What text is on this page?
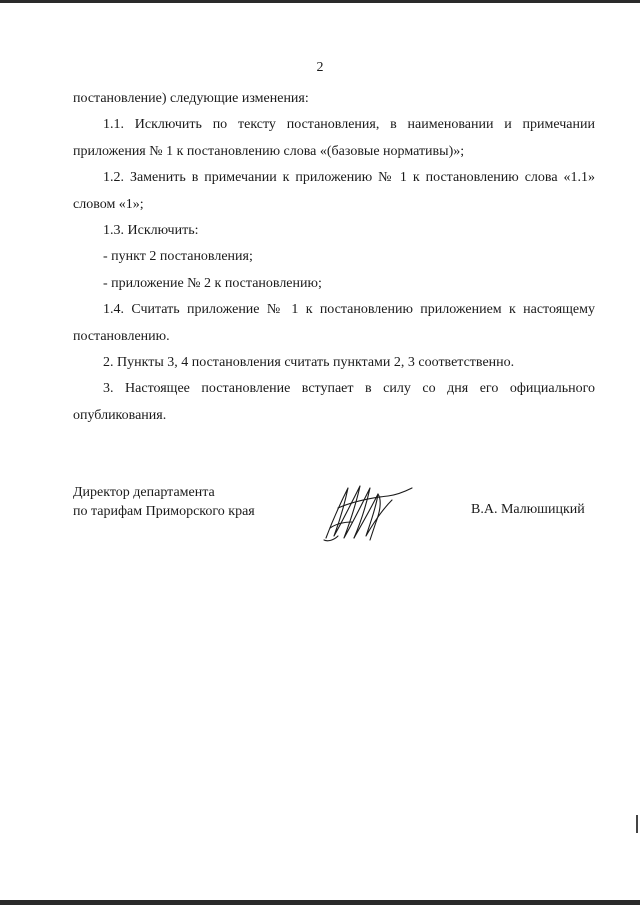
2

постановление) следующие изменения:

1.1. Исключить по тексту постановления, в наименовании и примечании приложения № 1 к постановлению слова «(базовые нормативы)»;

1.2. Заменить в примечании к приложению № 1 к постановлению слова «1.1» словом «1»;

1.3. Исключить:

- пункт 2 постановления;

- приложение № 2 к постановлению;

1.4. Считать приложение № 1 к постановлению приложением к настоящему постановлению.

2. Пункты 3, 4 постановления считать пунктами 2, 3 соответственно.

3. Настоящее постановление вступает в силу со дня его официального опубликования.

Директор департамента
по тарифам Приморского края	В.А. Малюшицкий
